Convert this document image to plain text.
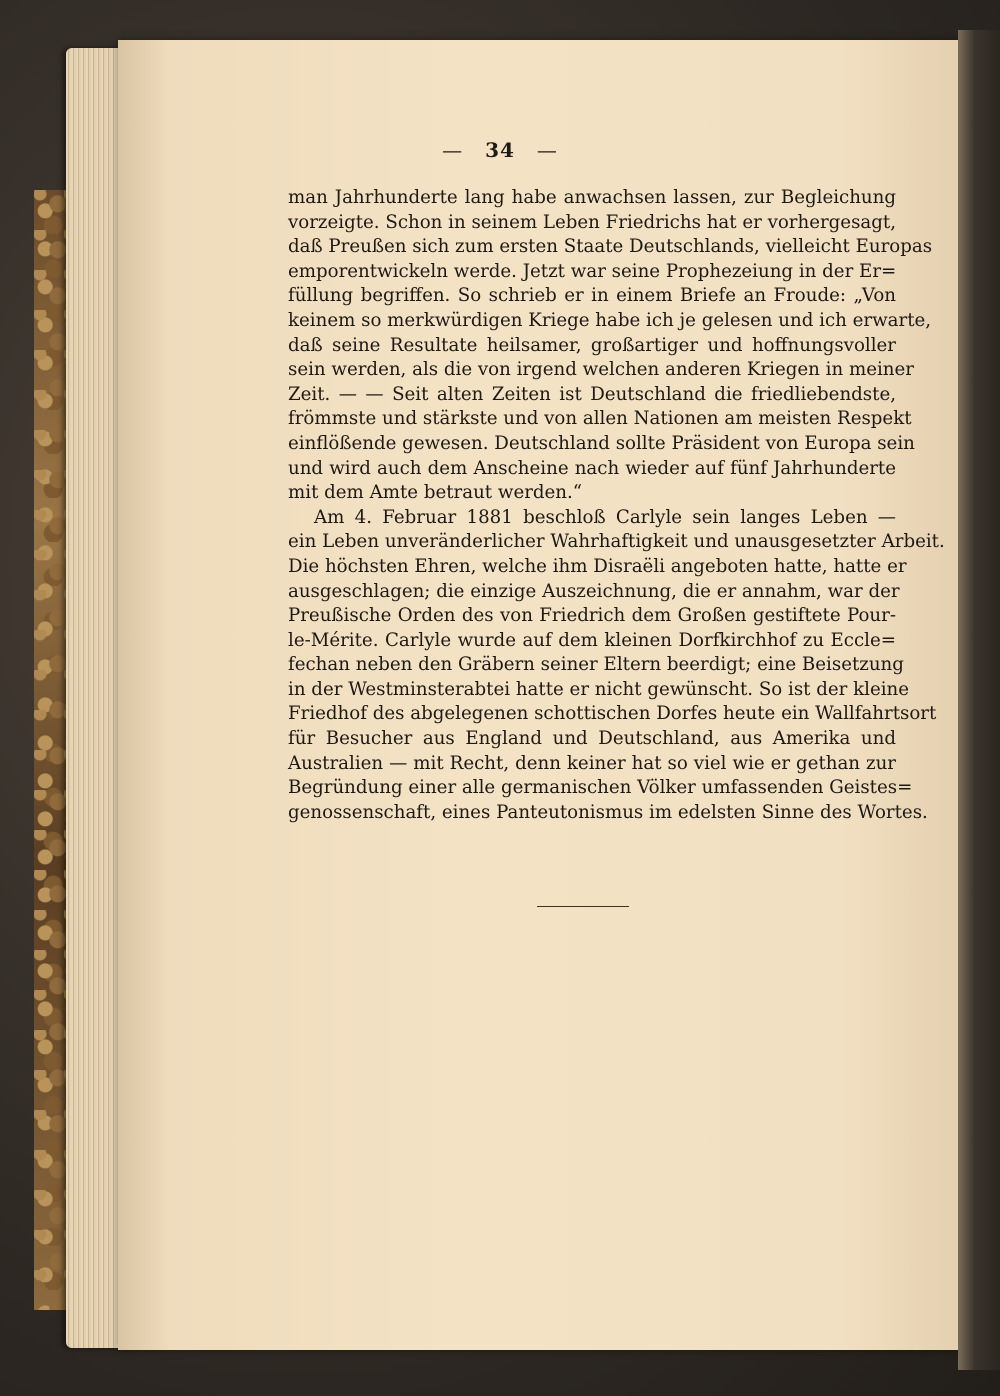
— 34 —
man Jahrhunderte lang habe anwachsen lassen, zur Begleichung
vorzeigte. Schon in seinem Leben Friedrichs hat er vorhergesagt,
daß Preußen sich zum ersten Staate Deutschlands, vielleicht Europas
emporentwickeln werde. Jetzt war seine Prophezeiung in der Er=
füllung begriffen. So schrieb er in einem Briefe an Froude: „Von
keinem so merkwürdigen Kriege habe ich je gelesen und ich erwarte,
daß seine Resultate heilsamer, großartiger und hoffnungsvoller
sein werden, als die von irgend welchen anderen Kriegen in meiner
Zeit. — — Seit alten Zeiten ist Deutschland die friedliebendste,
frömmste und stärkste und von allen Nationen am meisten Respekt
einflößende gewesen. Deutschland sollte Präsident von Europa sein
und wird auch dem Anscheine nach wieder auf fünf Jahrhunderte
mit dem Amte betraut werden.“
Am 4. Februar 1881 beschloß Carlyle sein langes Leben —
ein Leben unveränderlicher Wahrhaftigkeit und unausgesetzter Arbeit.
Die höchsten Ehren, welche ihm Disraëli angeboten hatte, hatte er
ausgeschlagen; die einzige Auszeichnung, die er annahm, war der
Preußische Orden des von Friedrich dem Großen gestiftete Pour-
le-Mérite. Carlyle wurde auf dem kleinen Dorfkirchhof zu Eccle=
fechan neben den Gräbern seiner Eltern beerdigt; eine Beisetzung
in der Westminsterabtei hatte er nicht gewünscht. So ist der kleine
Friedhof des abgelegenen schottischen Dorfes heute ein Wallfahrtsort
für Besucher aus England und Deutschland, aus Amerika und
Australien — mit Recht, denn keiner hat so viel wie er gethan zur
Begründung einer alle germanischen Völker umfassenden Geistes=
genossenschaft, eines Panteutonismus im edelsten Sinne des Wortes.
